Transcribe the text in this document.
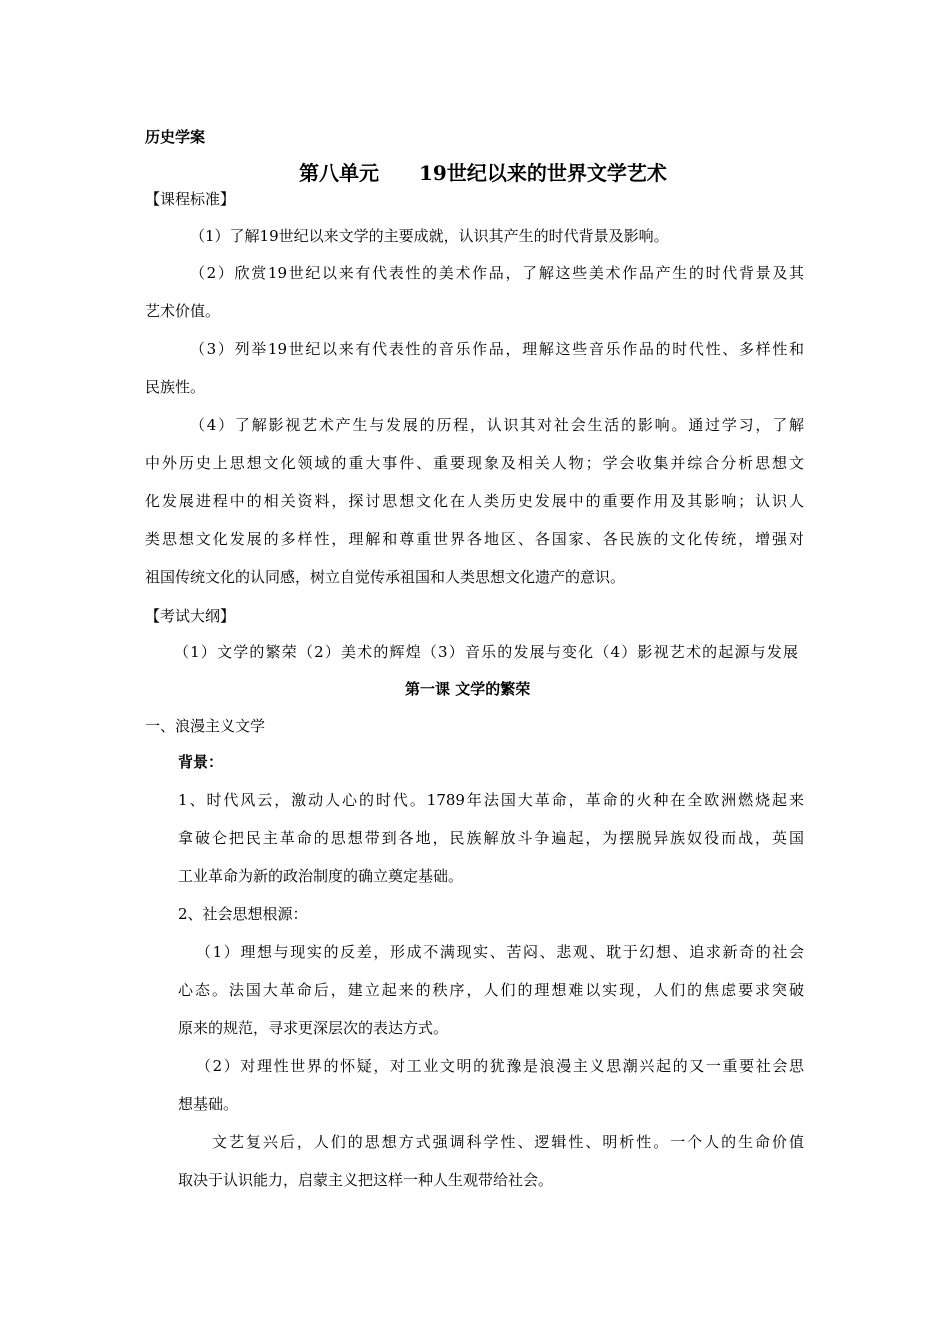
历史学案

第八单元　　19世纪以来的世界文学艺术

【课程标准】

（1）了解19世纪以来文学的主要成就，认识其产生的时代背景及影响。

（2）欣赏19世纪以来有代表性的美术作品，了解这些美术作品产生的时代背景及其

艺术价值。

（3）列举19世纪以来有代表性的音乐作品，理解这些音乐作品的时代性、多样性和

民族性。

（4）了解影视艺术产生与发展的历程，认识其对社会生活的影响。通过学习，了解

中外历史上思想文化领域的重大事件、重要现象及相关人物；学会收集并综合分析思想文

化发展进程中的相关资料，探讨思想文化在人类历史发展中的重要作用及其影响；认识人

类思想文化发展的多样性，理解和尊重世界各地区、各国家、各民族的文化传统，增强对

祖国传统文化的认同感，树立自觉传承祖国和人类思想文化遗产的意识。

【考试大纲】

（1）文学的繁荣（2）美术的辉煌（3）音乐的发展与变化（4）影视艺术的起源与发展

第一课 文学的繁荣

一、浪漫主义文学

背景：

1、时代风云，激动人心的时代。1789年法国大革命，革命的火种在全欧洲燃烧起来

拿破仑把民主革命的思想带到各地，民族解放斗争遍起，为摆脱异族奴役而战，英国

工业革命为新的政治制度的确立奠定基础。

2、社会思想根源：

（1）理想与现实的反差，形成不满现实、苦闷、悲观、耽于幻想、追求新奇的社会

心态。法国大革命后，建立起来的秩序，人们的理想难以实现，人们的焦虑要求突破

原来的规范，寻求更深层次的表达方式。

（2）对理性世界的怀疑，对工业文明的犹豫是浪漫主义思潮兴起的又一重要社会思

想基础。

文艺复兴后，人们的思想方式强调科学性、逻辑性、明析性。一个人的生命价值

取决于认识能力，启蒙主义把这样一种人生观带给社会。
